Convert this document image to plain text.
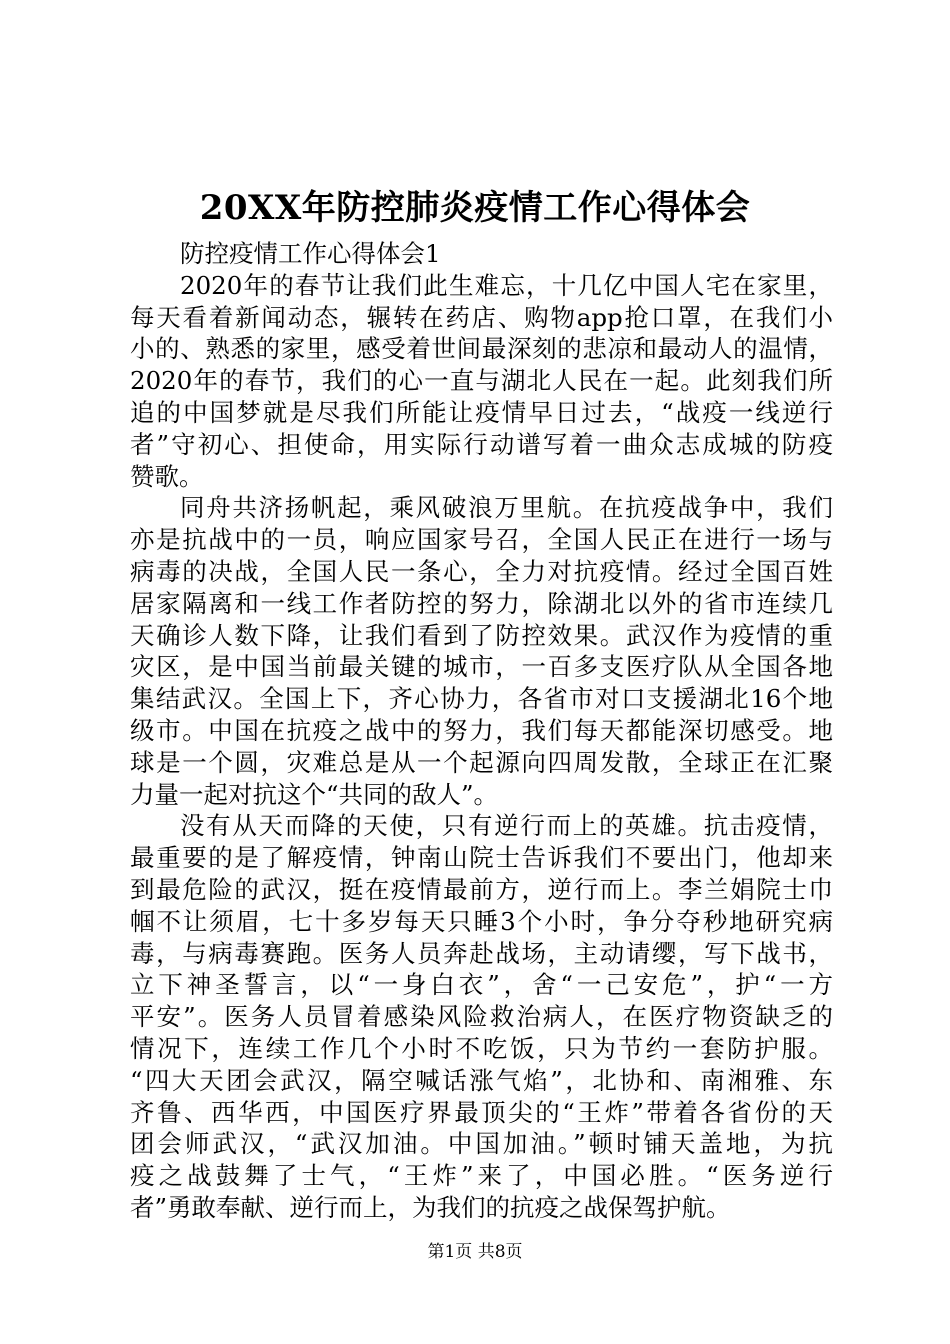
20XX年防控肺炎疫情工作心得体会
防控疫情工作心得体会1
2020年的春节让我们此生难忘，十几亿中国人宅在家里，
每天看着新闻动态，辗转在药店、购物app抢口罩，在我们小
小的、熟悉的家里，感受着世间最深刻的悲凉和最动人的温情，
2020年的春节，我们的心一直与湖北人民在一起。此刻我们所
追的中国梦就是尽我们所能让疫情早日过去，“战疫一线逆行
者”守初心、担使命，用实际行动谱写着一曲众志成城的防疫
赞歌。
同舟共济扬帆起，乘风破浪万里航。在抗疫战争中，我们
亦是抗战中的一员，响应国家号召，全国人民正在进行一场与
病毒的决战，全国人民一条心，全力对抗疫情。经过全国百姓
居家隔离和一线工作者防控的努力，除湖北以外的省市连续几
天确诊人数下降，让我们看到了防控效果。武汉作为疫情的重
灾区，是中国当前最关键的城市，一百多支医疗队从全国各地
集结武汉。全国上下，齐心协力，各省市对口支援湖北16个地
级市。中国在抗疫之战中的努力，我们每天都能深切感受。地
球是一个圆，灾难总是从一个起源向四周发散，全球正在汇聚
力量一起对抗这个“共同的敌人”。
没有从天而降的天使，只有逆行而上的英雄。抗击疫情，
最重要的是了解疫情，钟南山院士告诉我们不要出门，他却来
到最危险的武汉，挺在疫情最前方，逆行而上。李兰娟院士巾
帼不让须眉，七十多岁每天只睡3个小时，争分夺秒地研究病
毒，与病毒赛跑。医务人员奔赴战场，主动请缨，写下战书，
立下神圣誓言，以“一身白衣”，舍“一己安危”，护“一方
平安”。医务人员冒着感染风险救治病人，在医疗物资缺乏的
情况下，连续工作几个小时不吃饭，只为节约一套防护服。
“四大天团会武汉，隔空喊话涨气焰”，北协和、南湘雅、东
齐鲁、西华西，中国医疗界最顶尖的“王炸”带着各省份的天
团会师武汉，“武汉加油。中国加油。”顿时铺天盖地，为抗
疫之战鼓舞了士气，“王炸”来了，中国必胜。“医务逆行
者”勇敢奉献、逆行而上，为我们的抗疫之战保驾护航。
第1页 共8页
